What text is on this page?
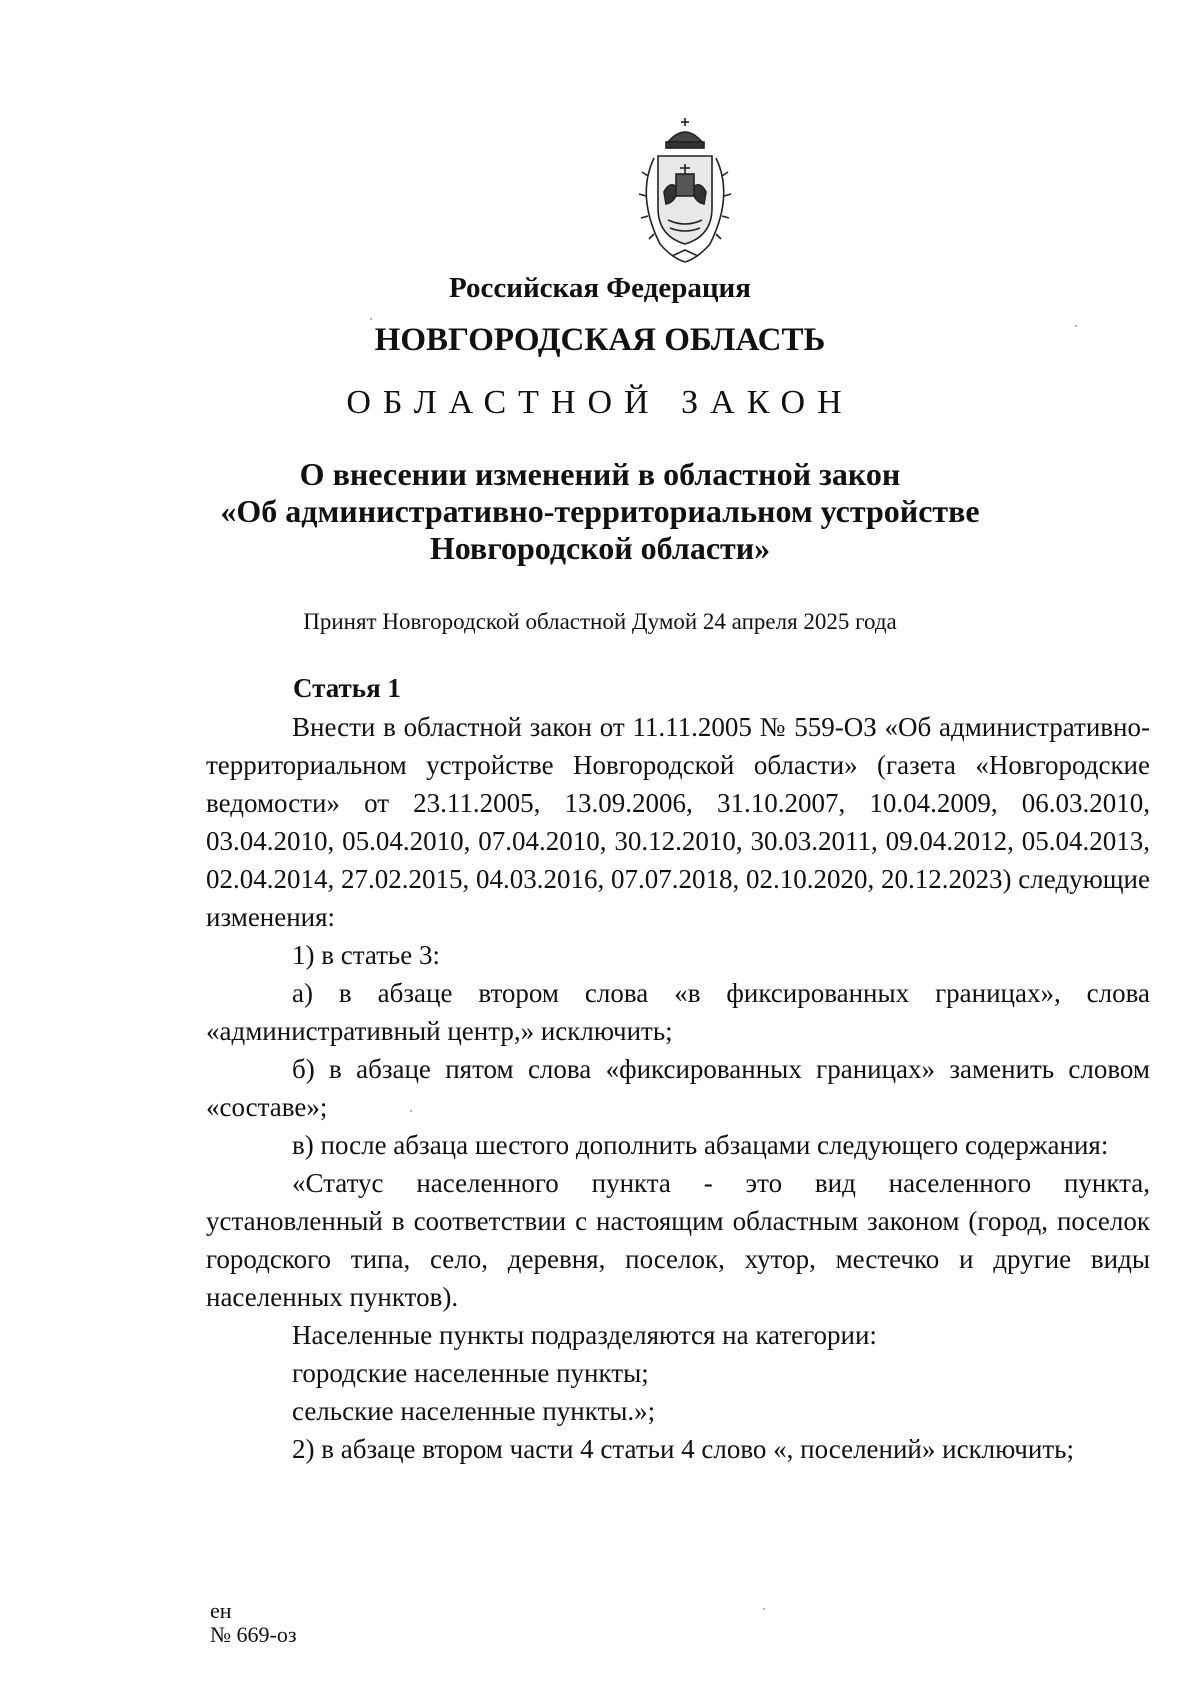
Российская Федерация
НОВГОРОДСКАЯ ОБЛАСТЬ
ОБЛАСТНОЙ ЗАКОН
О внесении изменений в областной закон
«Об административно-территориальном устройстве
Новгородской области»
Принят Новгородской областной Думой 24 апреля 2025 года
Статья 1

Внести в областной закон от 11.11.2005 № 559-ОЗ «Об административно-территориальном устройстве Новгородской области» (газета «Новгородские ведомости» от 23.11.2005, 13.09.2006, 31.10.2007, 10.04.2009, 06.03.2010, 03.04.2010, 05.04.2010, 07.04.2010, 30.12.2010, 30.03.2011, 09.04.2012, 05.04.2013, 02.04.2014, 27.02.2015, 04.03.2016, 07.07.2018, 02.10.2020, 20.12.2023) следующие изменения:

1) в статье 3:

а) в абзаце втором слова «в фиксированных границах», слова «административный центр,» исключить;

б) в абзаце пятом слова «фиксированных границах» заменить словом «составе»;

в) после абзаца шестого дополнить абзацами следующего содержания:

«Статус населенного пункта - это вид населенного пункта, установленный в соответствии с настоящим областным законом (город, поселок городского типа, село, деревня, поселок, хутор, местечко и другие виды населенных пунктов).

Населенные пункты подразделяются на категории:

городские населенные пункты;

сельские населенные пункты.»;

2) в абзаце втором части 4 статьи 4 слово «, поселений» исключить;

ен
№ 669-оз
